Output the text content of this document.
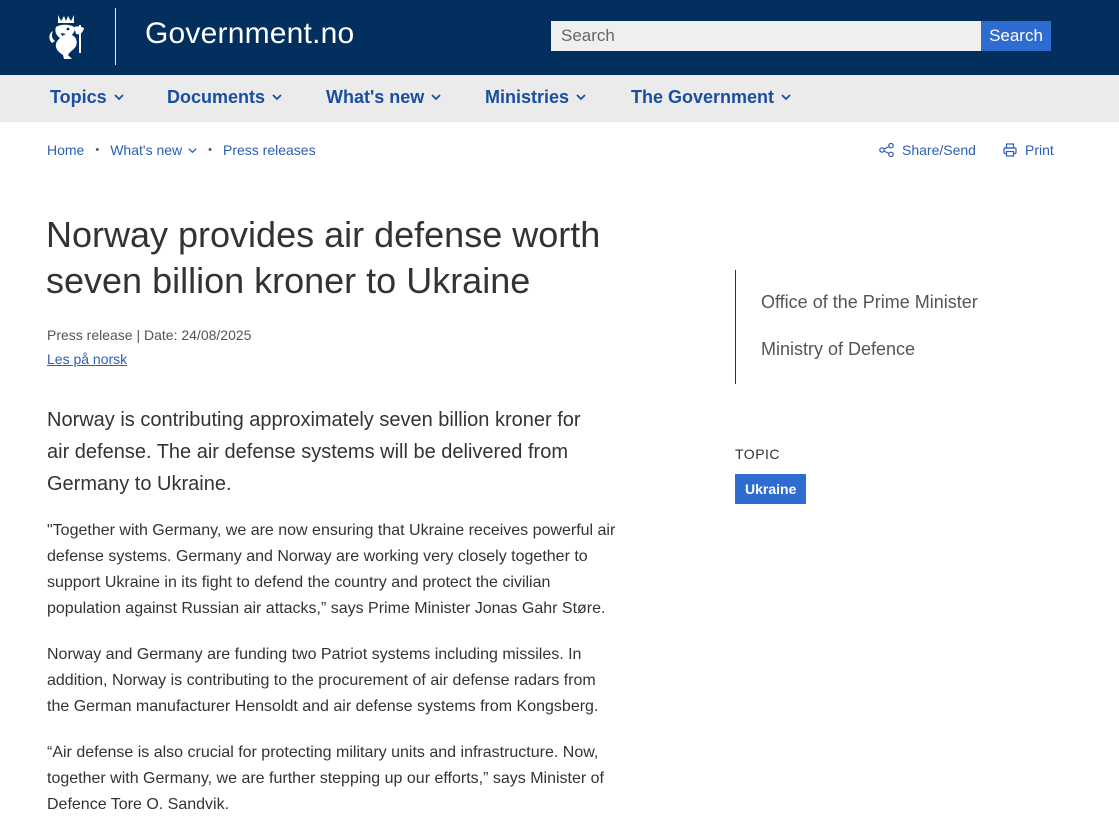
Government.no
Search	Search
Topics	Documents	What's new	Ministries	The Government
Home • What's new • Press releases	Share/Send	Print
Norway provides air defense worth seven billion kroner to Ukraine
Press release | Date: 24/08/2025
Les på norsk

Norway is contributing approximately seven billion kroner for air defense. The air defense systems will be delivered from Germany to Ukraine.

"Together with Germany, we are now ensuring that Ukraine receives powerful air defense systems. Germany and Norway are working very closely together to support Ukraine in its fight to defend the country and protect the civilian population against Russian air attacks,” says Prime Minister Jonas Gahr Støre.

Norway and Germany are funding two Patriot systems including missiles. In addition, Norway is contributing to the procurement of air defense radars from the German manufacturer Hensoldt and air defense systems from Kongsberg.

“Air defense is also crucial for protecting military units and infrastructure. Now, together with Germany, we are further stepping up our efforts,” says Minister of Defence Tore O. Sandvik.

Office of the Prime Minister
Ministry of Defence
TOPIC
Ukraine
